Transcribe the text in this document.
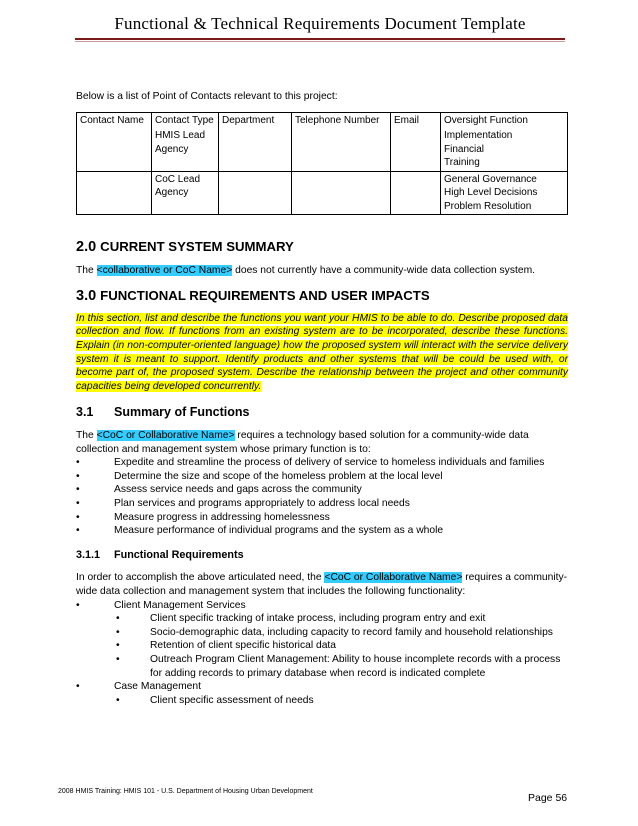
Functional & Technical Requirements Document Template

Below is a list of Point of Contacts relevant to this project:

Contact Name	Contact Type	Department	Telephone Number	Email	Oversight Function
	HMIS Lead Agency				Implementation
Financial
Training

	CoC Lead Agency				General Governance
High Level Decisions
Problem Resolution
2.0 CURRENT SYSTEM SUMMARY

The <collaborative or CoC Name> does not currently have a community-wide data collection system.

3.0 FUNCTIONAL REQUIREMENTS AND USER IMPACTS

In this section, list and describe the functions you want your HMIS to be able to do. Describe proposed data collection and flow. If functions from an existing system are to be incorporated, describe these functions. Explain (in non-computer-oriented language) how the proposed system will interact with the service delivery system it is meant to support. Identify products and other systems that will be could be used with, or become part of, the proposed system. Describe the relationship between the project and other community capacities being developed concurrently.

3.1 Summary of Functions

The <CoC or Collaborative Name> requires a technology based solution for a community-wide data collection and management system whose primary function is to:

• Expedite and streamline the process of delivery of service to homeless individuals and families
• Determine the size and scope of the homeless problem at the local level
• Assess service needs and gaps across the community
• Plan services and programs appropriately to address local needs
• Measure progress in addressing homelessness
• Measure performance of individual programs and the system as a whole
3.1.1 Functional Requirements

In order to accomplish the above articulated need, the <CoC or Collaborative Name> requires a community-wide data collection and management system that includes the following functionality:

• Client Management Services
• Client specific tracking of intake process, including program entry and exit
• Socio-demographic data, including capacity to record family and household relationships
• Retention of client specific historical data
• Outreach Program Client Management: Ability to house incomplete records with a process for adding records to primary database when record is indicated complete
• Case Management
• Client specific assessment of needs
2008 HMIS Training: HMIS 101 - U.S. Department of Housing Urban Development
Page 56
